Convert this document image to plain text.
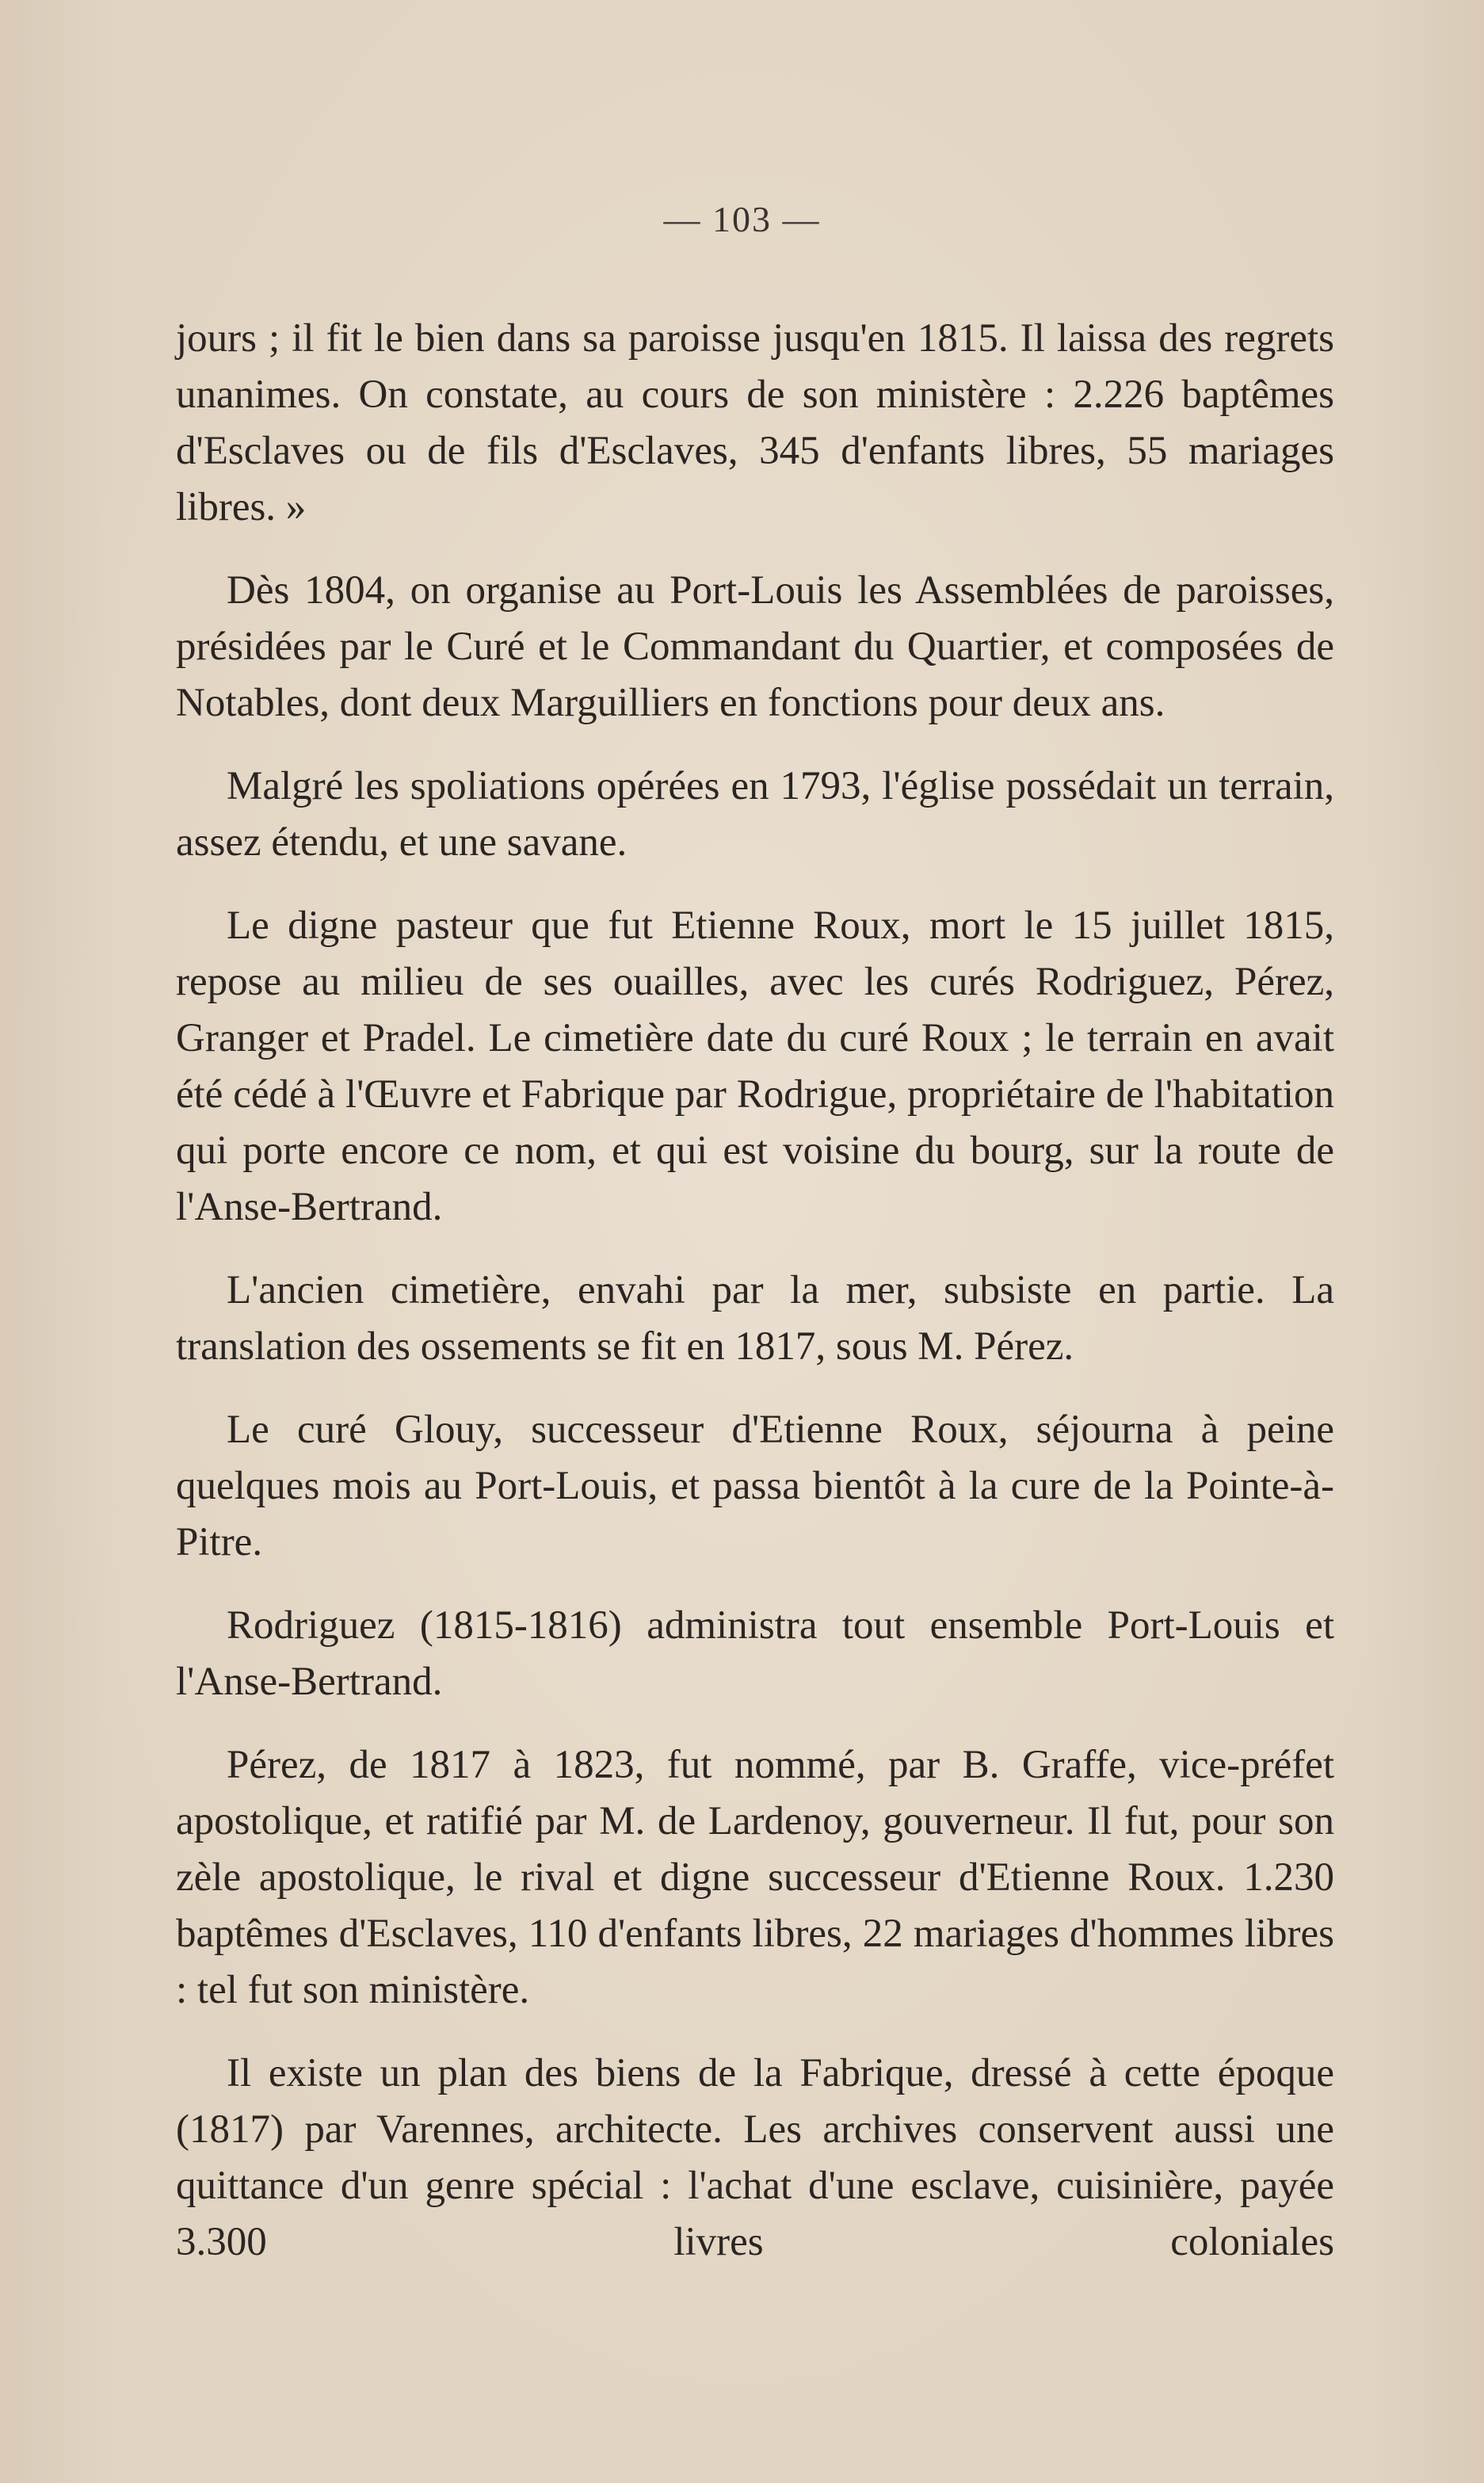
— 103 —

jours ; il fit le bien dans sa paroisse jusqu'en 1815. Il laissa des regrets unanimes. On constate, au cours de son ministère : 2.226 baptêmes d'Esclaves ou de fils d'Esclaves, 345 d'enfants libres, 55 mariages libres. »

Dès 1804, on organise au Port-Louis les Assemblées de paroisses, présidées par le Curé et le Commandant du Quartier, et composées de Notables, dont deux Marguilliers en fonctions pour deux ans.

Malgré les spoliations opérées en 1793, l'église possédait un terrain, assez étendu, et une savane.

Le digne pasteur que fut Etienne Roux, mort le 15 juillet 1815, repose au milieu de ses ouailles, avec les curés Rodriguez, Pérez, Granger et Pradel. Le cimetière date du curé Roux ; le terrain en avait été cédé à l'Œuvre et Fabrique par Rodrigue, propriétaire de l'habitation qui porte encore ce nom, et qui est voisine du bourg, sur la route de l'Anse-Bertrand.

L'ancien cimetière, envahi par la mer, subsiste en partie. La translation des ossements se fit en 1817, sous M. Pérez.

Le curé Glouy, successeur d'Etienne Roux, séjourna à peine quelques mois au Port-Louis, et passa bientôt à la cure de la Pointe-à-Pitre.

Rodriguez (1815-1816) administra tout ensemble Port-Louis et l'Anse-Bertrand.

Pérez, de 1817 à 1823, fut nommé, par B. Graffe, vice-préfet apostolique, et ratifié par M. de Lardenoy, gouverneur. Il fut, pour son zèle apostolique, le rival et digne successeur d'Etienne Roux. 1.230 baptêmes d'Esclaves, 110 d'enfants libres, 22 mariages d'hommes libres : tel fut son ministère.

Il existe un plan des biens de la Fabrique, dressé à cette époque (1817) par Varennes, architecte. Les archives conservent aussi une quittance d'un genre spécial : l'achat d'une esclave, cuisinière, payée 3.300 livres coloniales
